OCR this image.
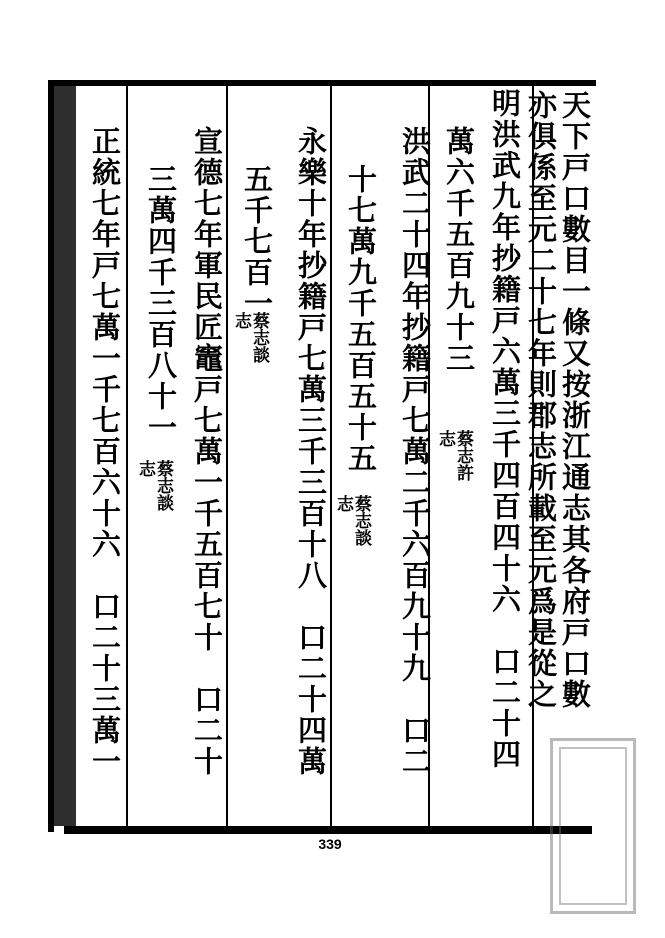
天下戸口數目一條又按浙江通志其各府戸口數
亦俱係至元二十七年則郡志所載至元爲是從之
明洪武九年抄籍戸六萬三千四百四十六　口二十四
萬六千五百九十三
蔡志許志
洪武二十四年抄籍戸七萬二千六百九十九　口二
十七萬九千五百五十五
蔡志談志
永樂十年抄籍戸七萬三千三百十八　口二十四萬
五千七百一
蔡志談志
宣德七年軍民匠竈戸七萬一千五百七十　口二十
三萬四千三百八十一
蔡志談志
正統七年戸七萬一千七百六十六　口二十三萬一
339
